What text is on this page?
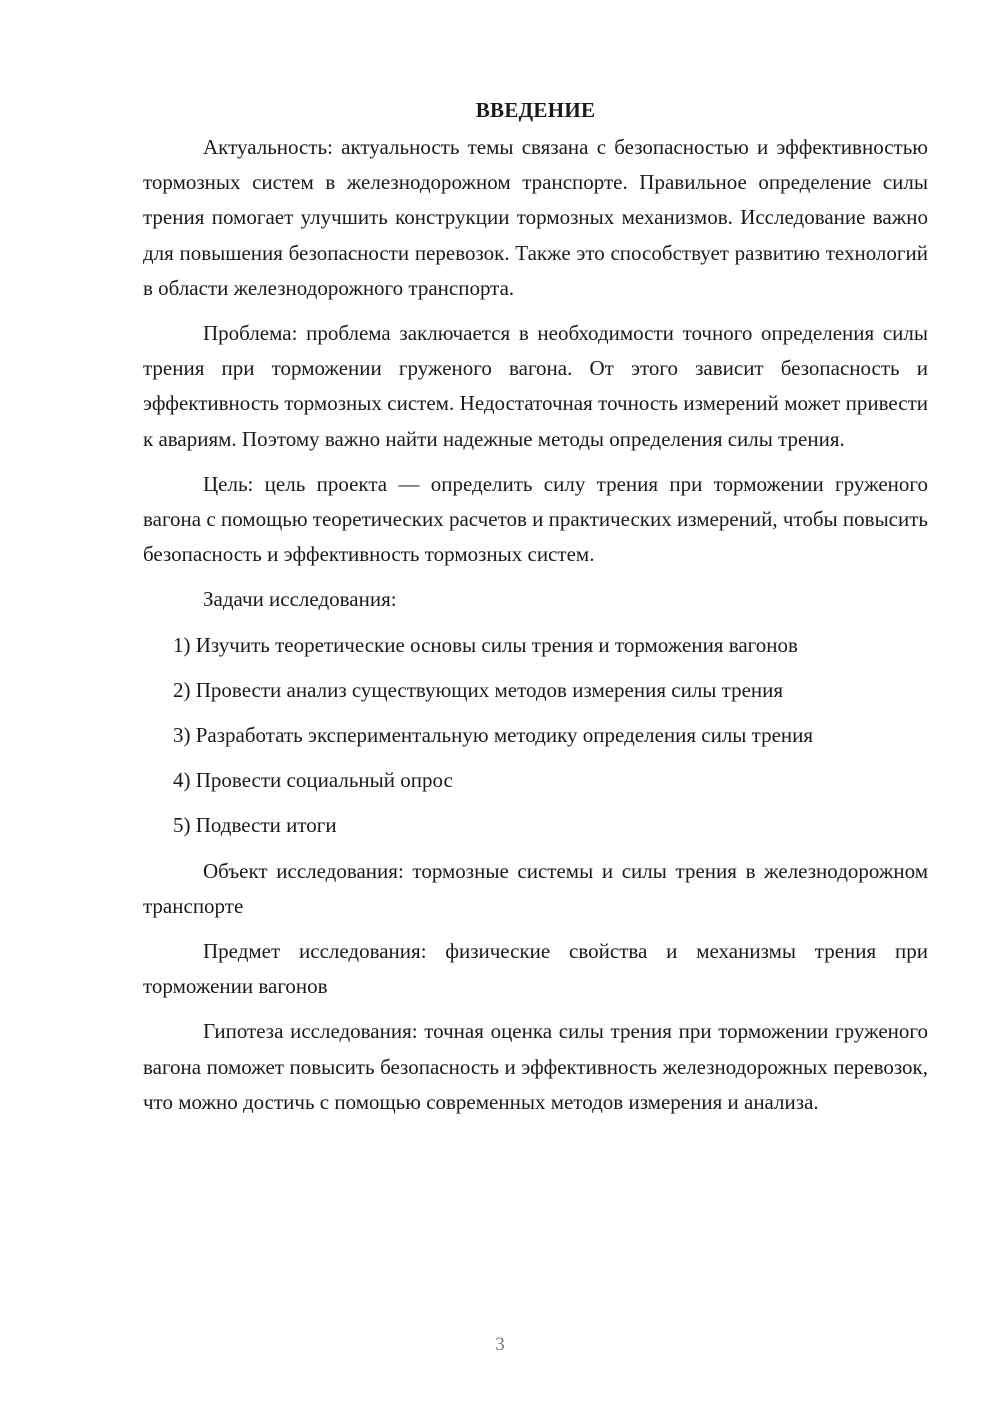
ВВЕДЕНИЕ

Актуальность: актуальность темы связана с безопасностью и эффективностью тормозных систем в железнодорожном транспорте. Правильное определение силы трения помогает улучшить конструкции тормозных механизмов. Исследование важно для повышения безопасности перевозок. Также это способствует развитию технологий в области железнодорожного транспорта.

Проблема: проблема заключается в необходимости точного определения силы трения при торможении груженого вагона. От этого зависит безопасность и эффективность тормозных систем. Недостаточная точность измерений может привести к авариям. Поэтому важно найти надежные методы определения силы трения.

Цель: цель проекта — определить силу трения при торможении груженого вагона с помощью теоретических расчетов и практических измерений, чтобы повысить безопасность и эффективность тормозных систем.

Задачи исследования:

1) Изучить теоретические основы силы трения и торможения вагонов

2) Провести анализ существующих методов измерения силы трения

3) Разработать экспериментальную методику определения силы трения

4) Провести социальный опрос

5) Подвести итоги

Объект исследования: тормозные системы и силы трения в железнодорожном транспорте

Предмет исследования: физические свойства и механизмы трения при торможении вагонов

Гипотеза исследования: точная оценка силы трения при торможении груженого вагона поможет повысить безопасность и эффективность железнодорожных перевозок, что можно достичь с помощью современных методов измерения и анализа.

3
